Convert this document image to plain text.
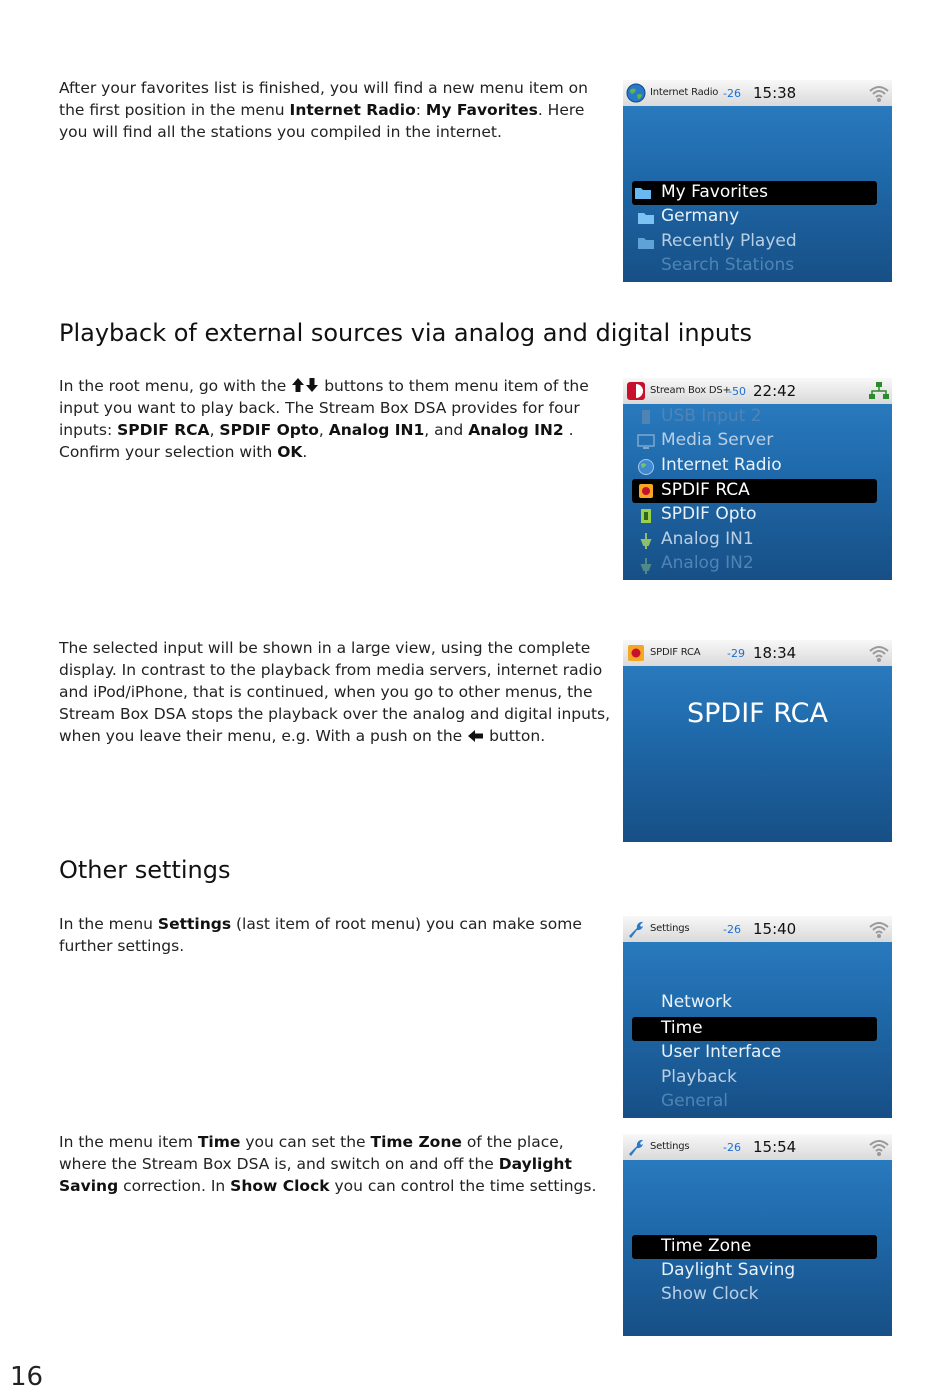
After your favorites list is finished, you will find a new menu item on the first position in the menu Internet Radio: My Favorites. Here you will find all the stations you compiled in the internet.
Internet Radio -26 15:38
My Favorites
Germany
Recently Played
Search Stations
Playback of external sources via analog and digital inputs
In the root menu, go with the  buttons to them menu item of the input you want to play back. The Stream Box DSA provides for four inputs: SPDIF RCA, SPDIF Opto, Analog IN1, and Analog IN2 . Confirm your selection with OK.
Stream Box DS+
-50 22:42
USB Input 2
Media Server
Internet Radio
SPDIF RCA
SPDIF Opto
Analog IN1
Analog IN2
The selected input will be shown in a large view, using the complete display. In contrast to the playback from media servers, internet radio and iPod/iPhone, that is continued, when you go to other menus, the Stream Box DSA stops the playback over the analog and digital inputs, when you leave their menu, e.g. With a push on the  button.
SPDIF RCA -29 18:34
SPDIF RCA
Other settings
In the menu Settings (last item of root menu) you can make some further settings.
Settings	-26 15:40
Network
Time
User Interface
Playback
General
In the menu item Time you can set the Time Zone of the place, where the Stream Box DSA is, and switch on and off the Daylight Saving correction. In Show Clock you can control the time settings.
Settings	-26 15:54
Time Zone
Daylight Saving
Show Clock
16
